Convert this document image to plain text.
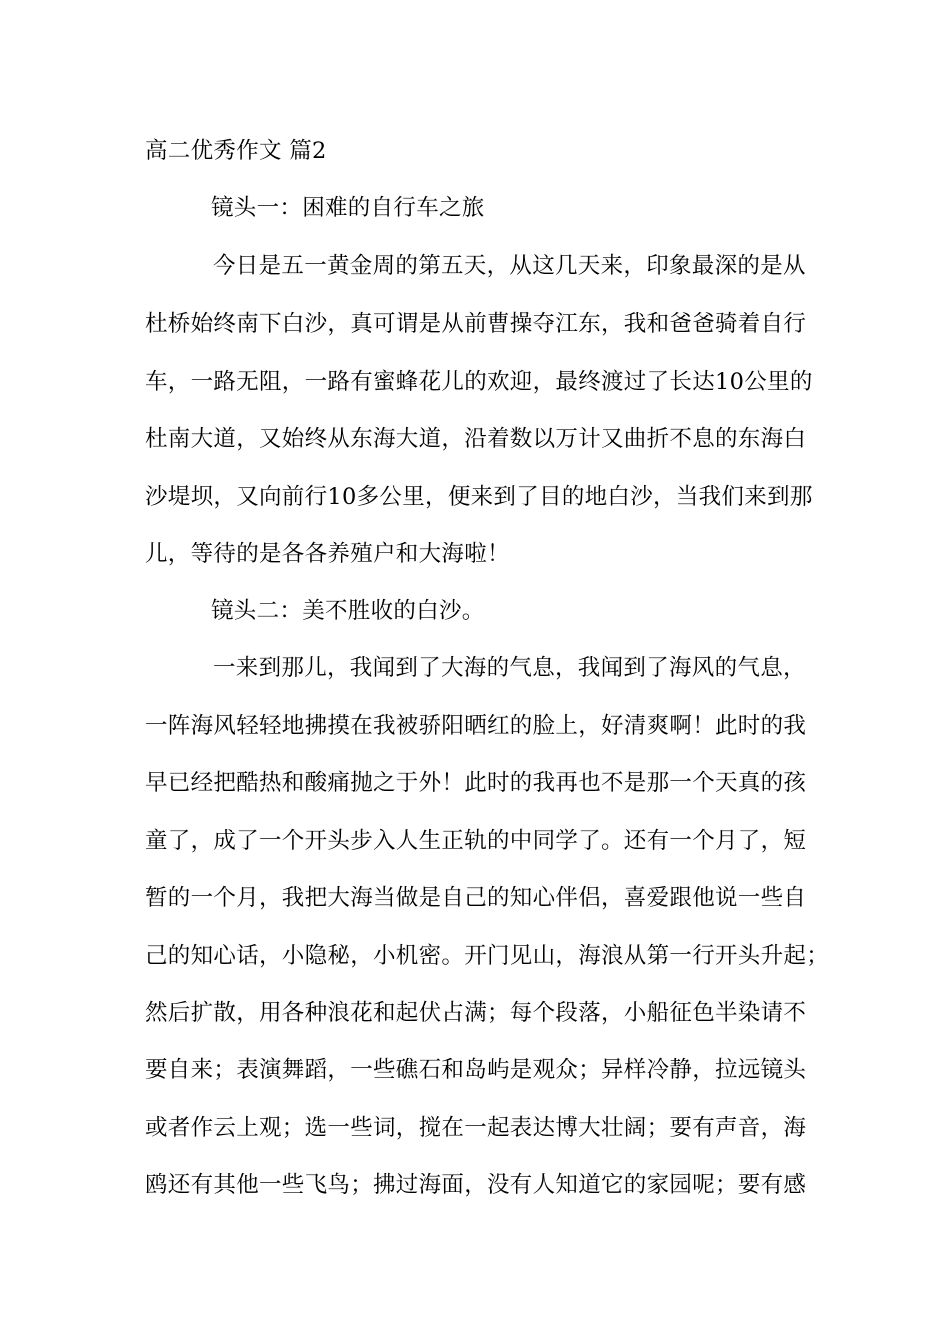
高二优秀作文 篇2
镜头一：困难的自行车之旅
今日是五一黄金周的第五天，从这几天来，印象最深的是从
杜桥始终南下白沙，真可谓是从前曹操夺江东，我和爸爸骑着自行
车，一路无阻，一路有蜜蜂花儿的欢迎，最终渡过了长达10公里的
杜南大道，又始终从东海大道，沿着数以万计又曲折不息的东海白
沙堤坝，又向前行10多公里，便来到了目的地白沙，当我们来到那
儿，等待的是各各养殖户和大海啦！
镜头二：美不胜收的白沙。
一来到那儿，我闻到了大海的气息，我闻到了海风的气息，
一阵海风轻轻地拂摸在我被骄阳晒红的脸上，好清爽啊！此时的我
早已经把酷热和酸痛抛之于外！此时的我再也不是那一个天真的孩
童了，成了一个开头步入人生正轨的中同学了。还有一个月了，短
暂的一个月，我把大海当做是自己的知心伴侣，喜爱跟他说一些自
己的知心话，小隐秘，小机密。开门见山，海浪从第一行开头升起；
然后扩散，用各种浪花和起伏占满；每个段落，小船征色半染请不
要自来；表演舞蹈，一些礁石和岛屿是观众；异样冷静，拉远镜头
或者作云上观；选一些词，搅在一起表达博大壮阔；要有声音，海
鸥还有其他一些飞鸟；拂过海面，没有人知道它的家园呢；要有感
